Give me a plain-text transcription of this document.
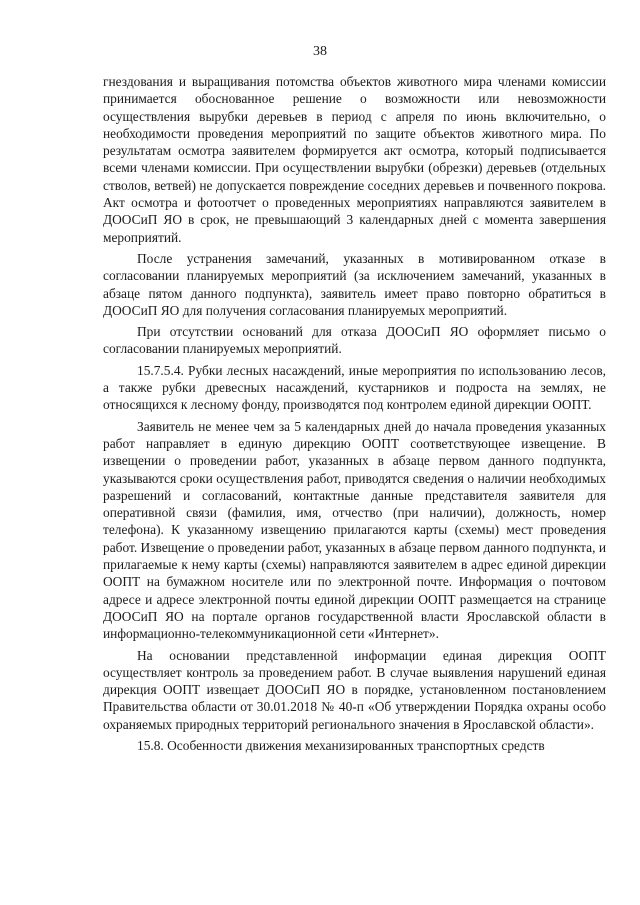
38

гнездования и выращивания потомства объектов животного мира членами комиссии принимается обоснованное решение о возможности или невозможности осуществления вырубки деревьев в период с апреля по июнь включительно, о необходимости проведения мероприятий по защите объектов животного мира. По результатам осмотра заявителем формируется акт осмотра, который подписывается всеми членами комиссии. При осуществлении вырубки (обрезки) деревьев (отдельных стволов, ветвей) не допускается повреждение соседних деревьев и почвенного покрова. Акт осмотра и фотоотчет о проведенных мероприятиях направляются заявителем в ДООСиП ЯО в срок, не превышающий 3 календарных дней с момента завершения мероприятий.

После устранения замечаний, указанных в мотивированном отказе в согласовании планируемых мероприятий (за исключением замечаний, указанных в абзаце пятом данного подпункта), заявитель имеет право повторно обратиться в ДООСиП ЯО для получения согласования планируемых мероприятий.

При отсутствии оснований для отказа ДООСиП ЯО оформляет письмо о согласовании планируемых мероприятий.

15.7.5.4. Рубки лесных насаждений, иные мероприятия по использованию лесов, а также рубки древесных насаждений, кустарников и подроста на землях, не относящихся к лесному фонду, производятся под контролем единой дирекции ООПТ.

Заявитель не менее чем за 5 календарных дней до начала проведения указанных работ направляет в единую дирекцию ООПТ соответствующее извещение. В извещении о проведении работ, указанных в абзаце первом данного подпункта, указываются сроки осуществления работ, приводятся сведения о наличии необходимых разрешений и согласований, контактные данные представителя заявителя для оперативной связи (фамилия, имя, отчество (при наличии), должность, номер телефона). К указанному извещению прилагаются карты (схемы) мест проведения работ. Извещение о проведении работ, указанных в абзаце первом данного подпункта, и прилагаемые к нему карты (схемы) направляются заявителем в адрес единой дирекции ООПТ на бумажном носителе или по электронной почте. Информация о почтовом адресе и адресе электронной почты единой дирекции ООПТ размещается на странице ДООСиП ЯО на портале органов государственной власти Ярославской области в информационно-телекоммуникационной сети «Интернет».

На основании представленной информации единая дирекция ООПТ осуществляет контроль за проведением работ. В случае выявления нарушений единая дирекция ООПТ извещает ДООСиП ЯО в порядке, установленном постановлением Правительства области от 30.01.2018 № 40-п «Об утверждении Порядка охраны особо охраняемых природных территорий регионального значения в Ярославской области».

15.8. Особенности движения механизированных транспортных средств
